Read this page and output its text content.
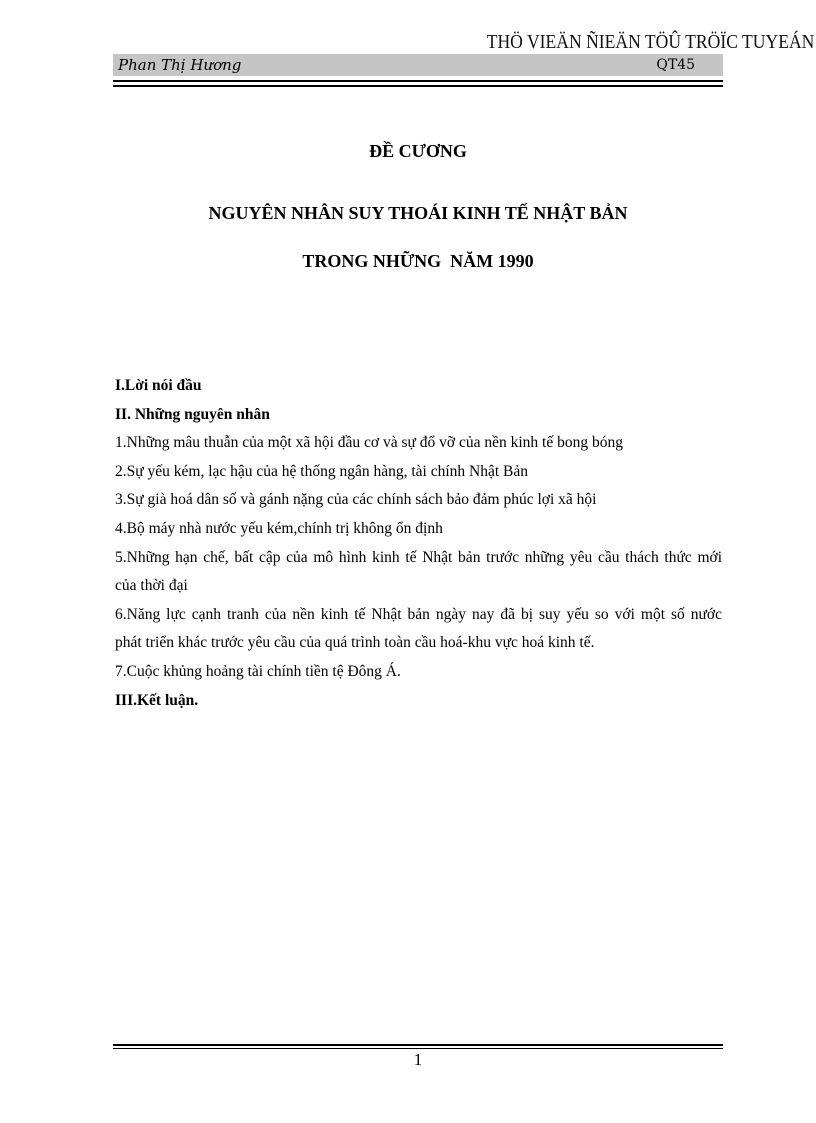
THÖ VIEÄN ÑIEÄN TÖÛ TRÖÏC TUYEÁN
Phan Thị Hương	QT45
ĐỀ CƯƠNG
NGUYÊN NHÂN SUY THOÁI KINH TẾ NHẬT BẢN
TRONG NHỮNG  NĂM 1990
I.Lời nói đầu
II. Những nguyên nhân
1.Những mâu thuẫn của một xã hội đầu cơ và sự đổ vỡ của nền kinh tế bong bóng
2.Sự yếu kém, lạc hậu của hệ thống ngân hàng, tài chính Nhật Bản
3.Sự già hoá dân số và gánh nặng của các chính sách bảo đảm phúc lợi xã hội
4.Bộ máy nhà nước yếu kém,chính trị không ổn định
5.Những hạn chế, bất cập của mô hình kinh tế Nhật bản trước những yêu cầu thách thức mới
của thời đại
6.Năng lực cạnh tranh của nền kinh tế Nhật bản ngày nay đã bị suy yếu so với một số nước
phát triển khác trước yêu cầu của quá trình toàn cầu hoá-khu vực hoá kinh tế.
7.Cuộc khủng hoảng tài chính tiền tệ Đông Á.
III.Kết luận.
1
